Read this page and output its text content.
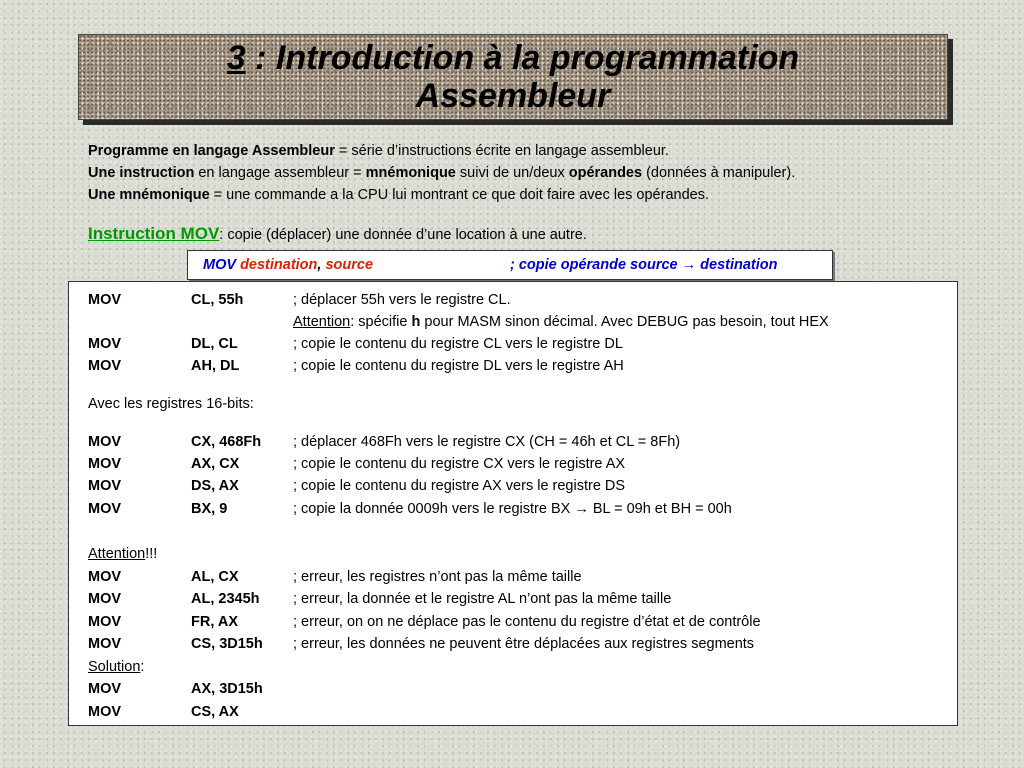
3 : Introduction à la programmation
Assembleur
Programme en langage Assembleur = série d’instructions écrite en langage assembleur.
Une instruction en langage assembleur = mnémonique suivi de un/deux opérandes (données à manipuler).
Une mnémonique = une commande a la CPU lui montrant ce que doit faire avec les opérandes.
Instruction MOV: copie (déplacer) une donnée d’une location à une autre.
MOV destination, source	; copie opérande source → destination
MOV	CL, 55h	; déplacer 55h vers le registre CL.
Attention: spécifie h pour MASM sinon décimal. Avec DEBUG pas besoin, tout HEX
MOV	DL, CL	; copie le contenu du registre CL vers le registre DL
MOV	AH, DL	; copie le contenu du registre DL vers le registre AH
Avec les registres 16-bits:
MOV	CX, 468Fh ; déplacer 468Fh vers le registre CX (CH = 46h et CL = 8Fh)
MOV	AX, CX	; copie le contenu du registre CX vers le registre AX
MOV	DS, AX	; copie le contenu du registre AX vers le registre DS
MOV	BX, 9	; copie la donnée 0009h vers le registre BX → BL = 09h et BH = 00h
Attention!!!
MOV	AL, CX	; erreur, les registres n’ont pas la même taille
MOV	AL, 2345h ; erreur, la donnée et le registre AL n’ont pas la même taille
MOV	FR, AX	; erreur, on on ne déplace pas le contenu du registre d’état et de contrôle
MOV	CS, 3D15h ; erreur, les données ne peuvent être déplacées aux registres segments
Solution:
MOV	AX, 3D15h
MOV	CS, AX
